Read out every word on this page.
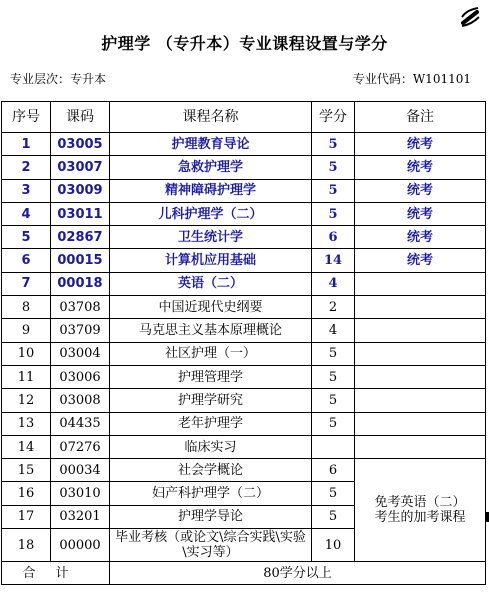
护理学 （专升本）专业课程设置与学分
专业层次：专升本	专业代码：W101101
序号	课码	课程名称	学分	备注
1	03005	护理教育导论	5	统考
2	03007	急救护理学	5	统考
3	03009	精神障碍护理学	5	统考
4	03011	儿科护理学（二）	5	统考
5	02867	卫生统计学	6	统考
6	00015	计算机应用基础	14	统考
7	00018	英语（二）	4	
8	03708	中国近现代史纲要	2	
9	03709	马克思主义基本原理概论	4	
10	03004	社区护理（一）	5	
11	03006	护理管理学	5	
12	03008	护理学研究	5	
13	04435	老年护理学	5	
14	07276	临床实习		
15	00034	社会学概论	6	免考英语（二）
考生的加考课程

16	03010	妇产科护理学（二）	5	
17	03201	护理学导论	5	
18	00000	毕业考核（或论文\综合实践\实验\实习等）	10	
合计		80学分以上		
